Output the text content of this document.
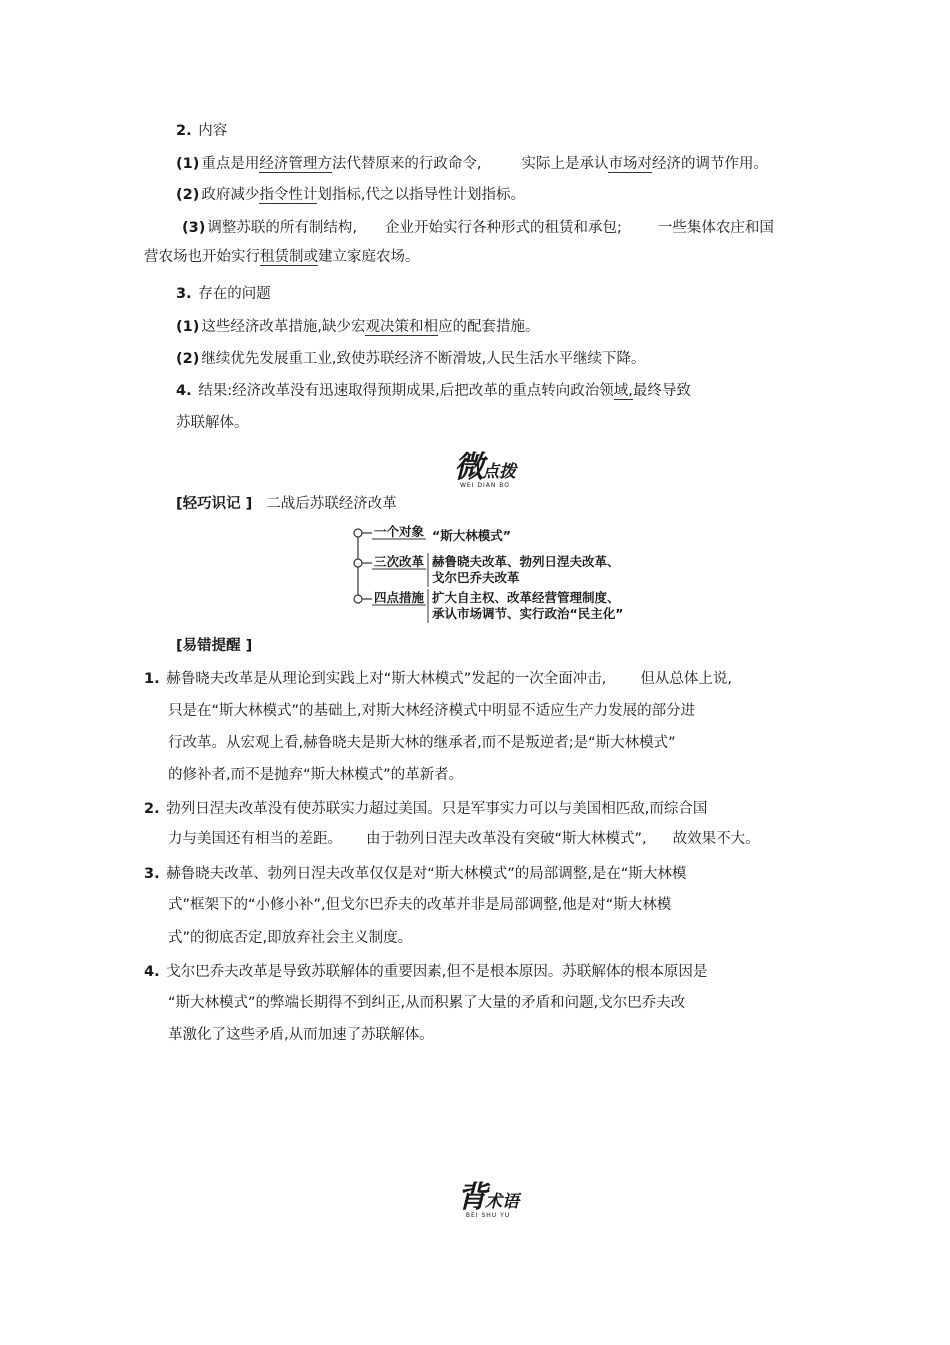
2. 内容
(1) 重点是用经济管理方法代替原来的行政命令,	实际上是承认市场对经济的调节作用。
(2) 政府减少指令性计划指标,代之以指导性计划指标。
(3) 调整苏联的所有制结构, 企业开始实行各种形式的租赁和承包; 一些集体农庄和国
营农场也开始实行租赁制或建立家庭农场。
3. 存在的问题
(1) 这些经济改革措施,缺少宏观决策和相应的配套措施。
(2) 继续优先发展重工业,致使苏联经济不断滑坡,人民生活水平继续下降。
4. 结果:经济改革没有迅速取得预期成果,后把改革的重点转向政治领域,最终导致
苏联解体。
微点拨
WEI DIAN BO
[轻巧识记 ] 二战后苏联经济改革
一个对象 “斯大林模式”
三次改革 赫鲁晓夫改革、勃列日涅夫改革、
戈尔巴乔夫改革
四点措施 扩大自主权、改革经营管理制度、
承认市场调节、实行政治“民主化”
[易错提醒 ]
1. 赫鲁晓夫改革是从理论到实践上对“斯大林模式”发起的一次全面冲击, 但从总体上说,
只是在“斯大林模式”的基础上,对斯大林经济模式中明显不适应生产力发展的部分进
行改革。从宏观上看,赫鲁晓夫是斯大林的继承者,而不是叛逆者;是“斯大林模式”
的修补者,而不是抛弃“斯大林模式”的革新者。
2. 勃列日涅夫改革没有使苏联实力超过美国。只是军事实力可以与美国相匹敌,而综合国
力与美国还有相当的差距。 由于勃列日涅夫改革没有突破“斯大林模式”, 故效果不大。
3. 赫鲁晓夫改革、勃列日涅夫改革仅仅是对“斯大林模式”的局部调整,是在“斯大林模
式”框架下的“小修小补”,但戈尔巴乔夫的改革并非是局部调整,他是对“斯大林模
式”的彻底否定,即放弃社会主义制度。
4. 戈尔巴乔夫改革是导致苏联解体的重要因素,但不是根本原因。苏联解体的根本原因是
“斯大林模式”的弊端长期得不到纠正,从而积累了大量的矛盾和问题,戈尔巴乔夫改
革激化了这些矛盾,从而加速了苏联解体。
背术语
BEI SHU YU
